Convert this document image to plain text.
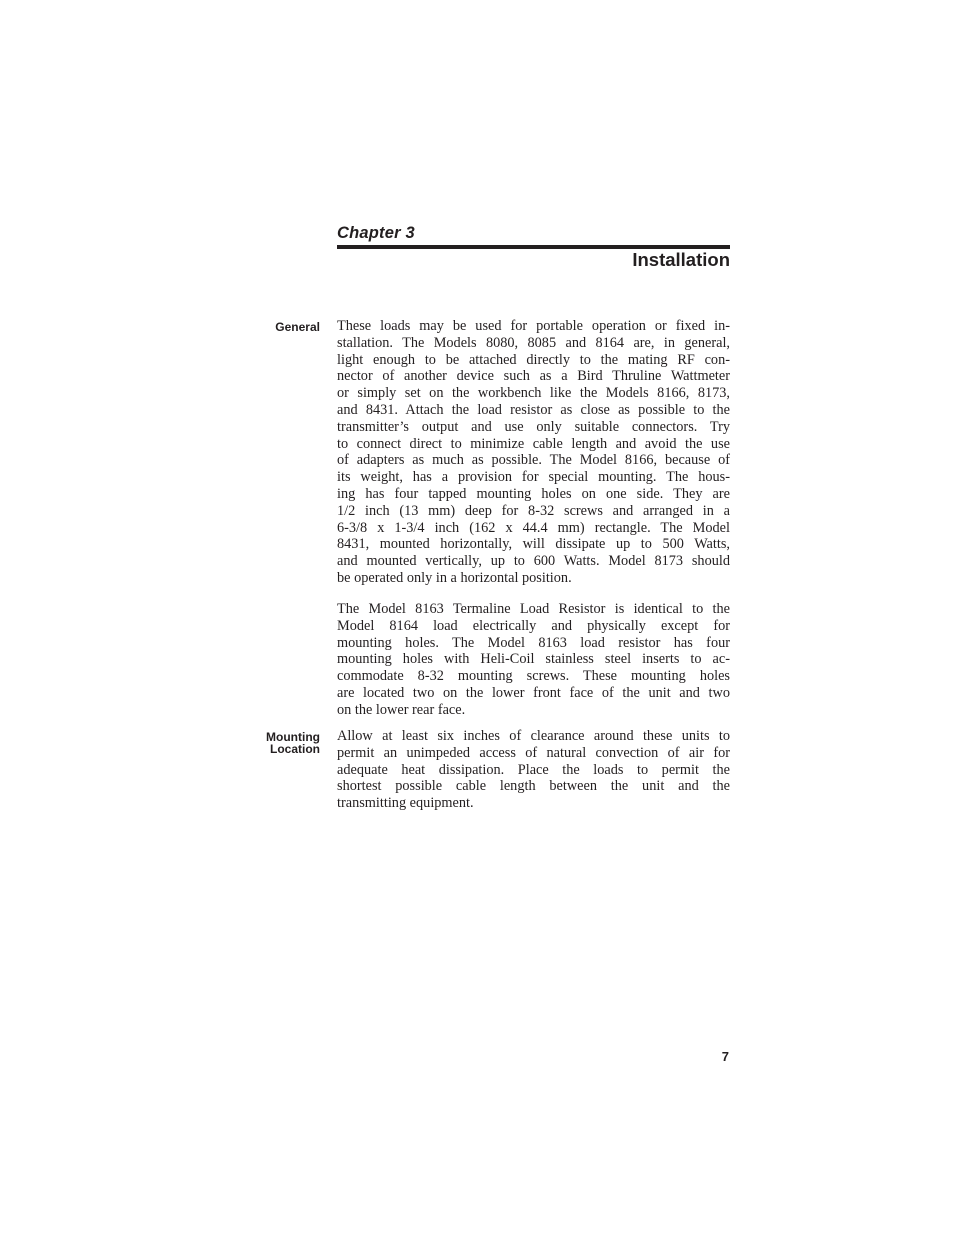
Chapter 3
Installation
General These loads may be used for portable operation or fixed in-
stallation. The Models 8080, 8085 and 8164 are, in general,
light enough to be attached directly to the mating RF con-
nector of another device such as a Bird Thruline Wattmeter
or simply set on the workbench like the Models 8166, 8173,
and 8431. Attach the load resistor as close as possible to the
transmitter’s output and use only suitable connectors. Try
to connect direct to minimize cable length and avoid the use
of adapters as much as possible. The Model 8166, because of
its weight, has a provision for special mounting. The hous-
ing has four tapped mounting holes on one side. They are
1/2 inch (13 mm) deep for 8-32 screws and arranged in a
6-3/8 x 1-3/4 inch (162 x 44.4 mm) rectangle. The Model
8431, mounted horizontally, will dissipate up to 500 Watts,
and mounted vertically, up to 600 Watts. Model 8173 should
be operated only in a horizontal position.

The Model 8163 Termaline Load Resistor is identical to the
Model 8164 load electrically and physically except for
mounting holes. The Model 8163 load resistor has four
mounting holes with Heli-Coil stainless steel inserts to ac-
commodate 8-32 mounting screws. These mounting holes
are located two on the lower front face of the unit and two
on the lower rear face.

Mounting
Location

Allow at least six inches of clearance around these units to
permit an unimpeded access of natural convection of air for
adequate heat dissipation. Place the loads to permit the
shortest possible cable length between the unit and the
transmitting equipment.

7
